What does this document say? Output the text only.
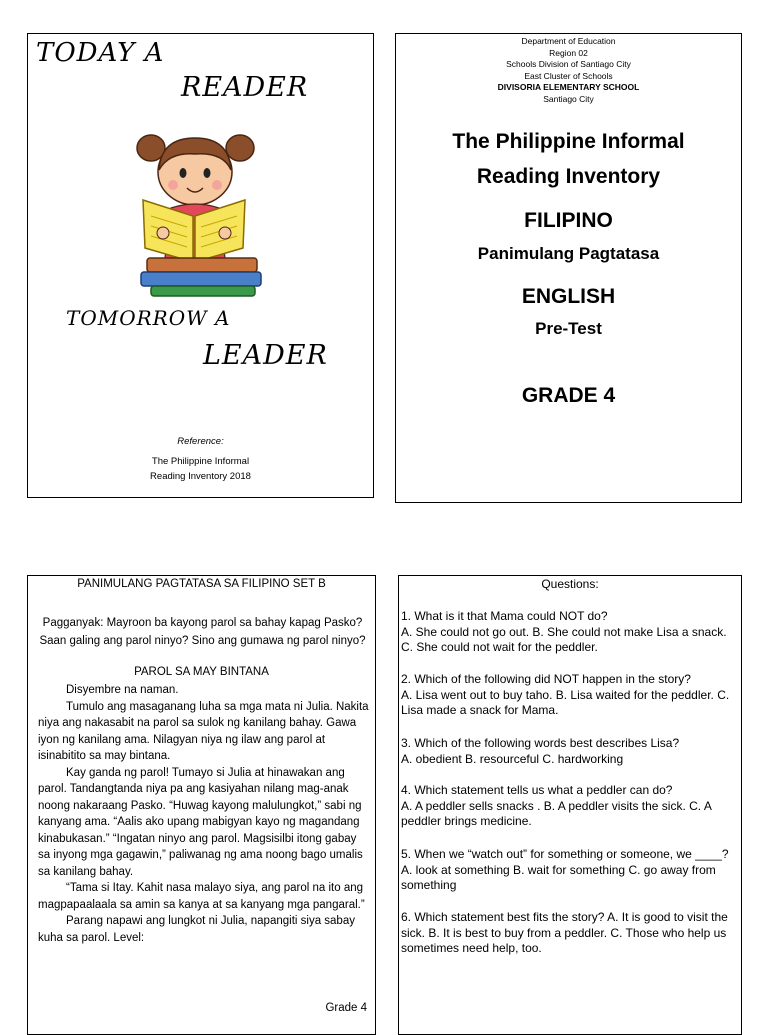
TODAY A
READER
TOMORROW A
LEADER
Reference:
The Philippine Informal
Reading Inventory 2018
Department of Education
Region 02
Schools Division of Santiago City
East Cluster of Schools
DIVISORIA ELEMENTARY SCHOOL
Santiago City
The Philippine Informal
Reading Inventory
FILIPINO
Panimulang Pagtatasa
ENGLISH
Pre-Test
GRADE 4
PANIMULANG PAGTATASA SA FILIPINO SET B
Pagganyak: Mayroon ba kayong parol sa bahay kapag Pasko? Saan galing ang parol ninyo? Sino ang gumawa ng parol ninyo?
PAROL SA MAY BINTANA

Disyembre na naman.

Tumulo ang masaganang luha sa mga mata ni Julia. Nakita niya ang nakasabit na parol sa sulok ng kanilang bahay. Gawa iyon ng kanilang ama. Nilagyan niya ng ilaw ang parol at isinabitito sa may bintana.

Kay ganda ng parol! Tumayo si Julia at hinawakan ang parol. Tandangtanda niya pa ang kasiyahan nilang mag-anak noong nakaraang Pasko. “Huwag kayong malulungkot,” sabi ng kanyang ama. “Aalis ako upang mabigyan kayo ng magandang kinabukasan.” “Ingatan ninyo ang parol. Magsisilbi itong gabay sa inyong mga gagawin,” paliwanag ng ama noong bago umalis sa kanilang bahay.

“Tama si Itay. Kahit nasa malayo siya, ang parol na ito ang magpapaalaala sa amin sa kanya at sa kanyang mga pangaral.”

Parang napawi ang lungkot ni Julia, napangiti siya sabay kuha sa parol. Level:

Grade 4
Questions:
1. What is it that Mama could NOT do?
A. She could not go out. B. She could not make Lisa a snack. C. She could not wait for the peddler.
2. Which of the following did NOT happen in the story?
A. Lisa went out to buy taho. B. Lisa waited for the peddler. C. Lisa made a snack for Mama.
3. Which of the following words best describes Lisa?
A. obedient B. resourceful C. hardworking
4. Which statement tells us what a peddler can do?
A. A peddler sells snacks . B. A peddler visits the sick. C. A peddler brings medicine.
5. When we “watch out” for something or someone, we ____?
A. look at something B. wait for something C. go away from something
6. Which statement best fits the story? A. It is good to visit the sick. B. It is best to buy from a peddler. C. Those who help us sometimes need help, too.
